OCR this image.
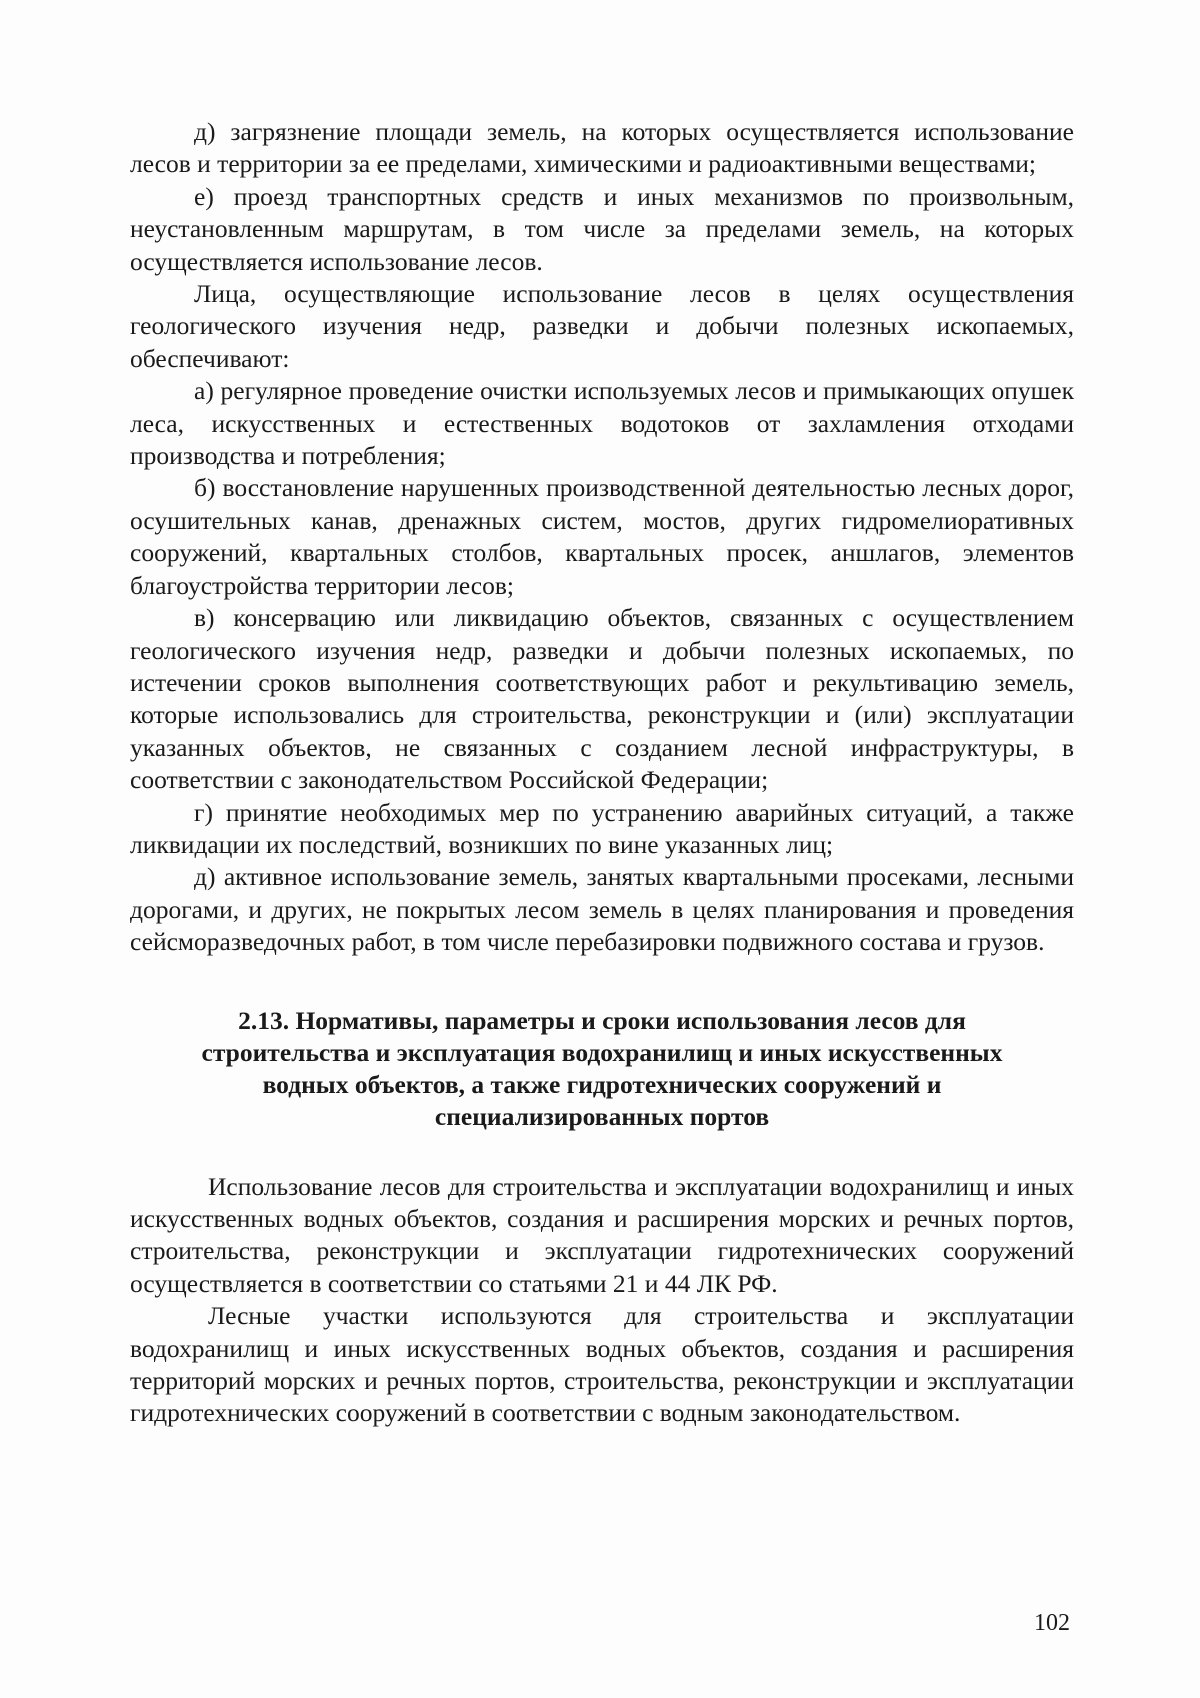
д) загрязнение площади земель, на которых осуществляется использование лесов и территории за ее пределами, химическими и радиоактивными веществами;

е) проезд транспортных средств и иных механизмов по произвольным, неустановленным маршрутам, в том числе за пределами земель, на которых осуществляется использование лесов.

Лица, осуществляющие использование лесов в целях осуществления геологического изучения недр, разведки и добычи полезных ископаемых, обеспечивают:

а) регулярное проведение очистки используемых лесов и примыкающих опушек леса, искусственных и естественных водотоков от захламления отходами производства и потребления;

б) восстановление нарушенных производственной деятельностью лесных дорог, осушительных канав, дренажных систем, мостов, других гидромелиоративных сооружений, квартальных столбов, квартальных просек, аншлагов, элементов благоустройства территории лесов;

в) консервацию или ликвидацию объектов, связанных с осуществлением геологического изучения недр, разведки и добычи полезных ископаемых, по истечении сроков выполнения соответствующих работ и рекультивацию земель, которые использовались для строительства, реконструкции и (или) эксплуатации указанных объектов, не связанных с созданием лесной инфраструктуры, в соответствии с законодательством Российской Федерации;

г) принятие необходимых мер по устранению аварийных ситуаций, а также ликвидации их последствий, возникших по вине указанных лиц;

д) активное использование земель, занятых квартальными просеками, лесными дорогами, и других, не покрытых лесом земель в целях планирования и проведения сейсморазведочных работ, в том числе перебазировки подвижного состава и грузов.

2.13. Нормативы, параметры и сроки использования лесов для строительства и эксплуатация водохранилищ и иных искусственных водных объектов, а также гидротехнических сооружений и специализированных портов

Использование лесов для строительства и эксплуатации водохранилищ и иных искусственных водных объектов, создания и расширения морских и речных портов, строительства, реконструкции и эксплуатации гидротехнических сооружений осуществляется в соответствии со статьями 21 и 44 ЛК РФ.

Лесные участки используются для строительства и эксплуатации водохранилищ и иных искусственных водных объектов, создания и расширения территорий морских и речных портов, строительства, реконструкции и эксплуатации гидротехнических сооружений в соответствии с водным законодательством.

102
